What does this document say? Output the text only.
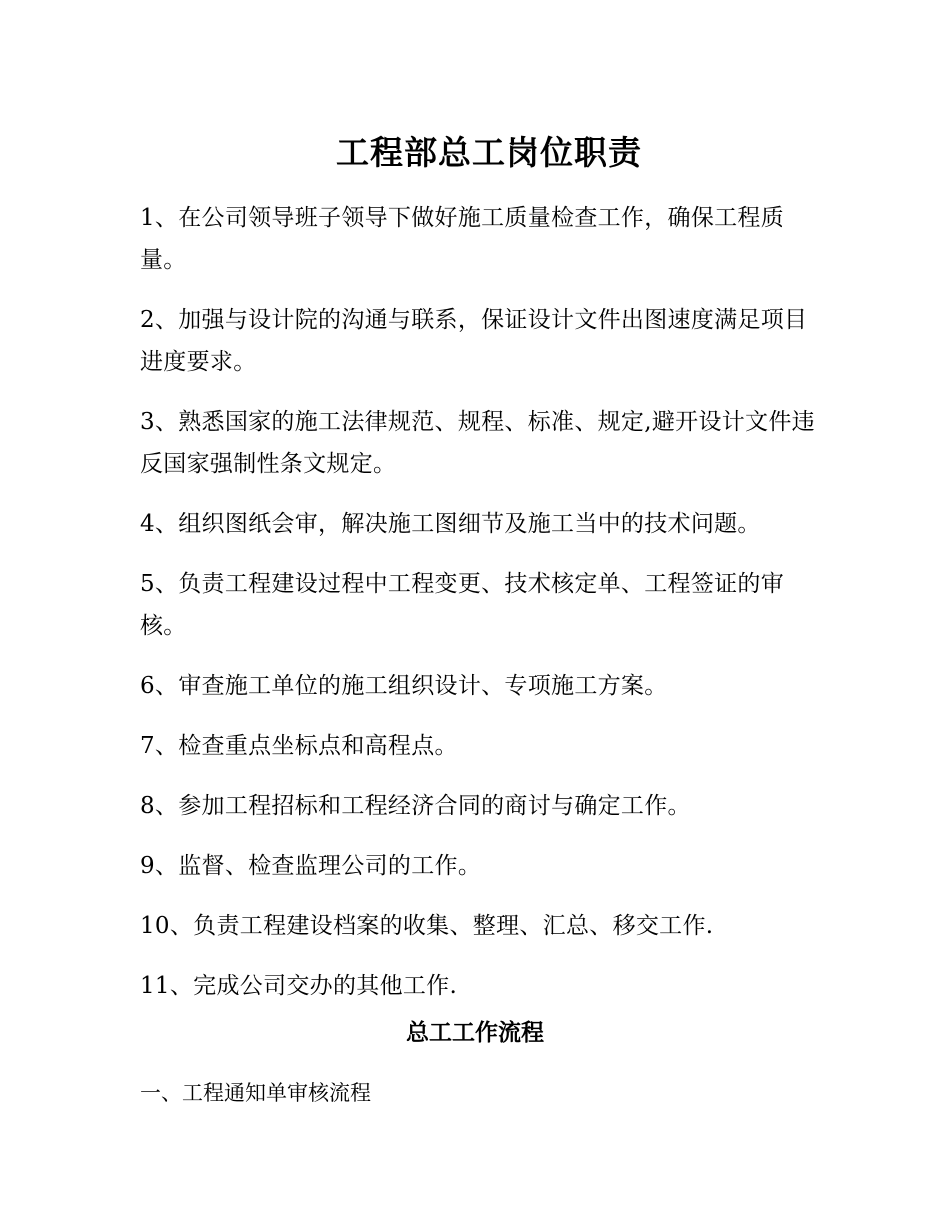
工程部总工岗位职责

1、在公司领导班子领导下做好施工质量检查工作，确保工程质量。

2、加强与设计院的沟通与联系，保证设计文件出图速度满足项目进度要求。

3、熟悉国家的施工法律规范、规程、标准、规定,避开设计文件违反国家强制性条文规定。

4、组织图纸会审，解决施工图细节及施工当中的技术问题。

5、负责工程建设过程中工程变更、技术核定单、工程签证的审核。

6、审查施工单位的施工组织设计、专项施工方案。

7、检查重点坐标点和高程点。

8、参加工程招标和工程经济合同的商讨与确定工作。

9、监督、检查监理公司的工作。

10、负责工程建设档案的收集、整理、汇总、移交工作.

11、完成公司交办的其他工作.

总工工作流程
一、工程通知单审核流程
